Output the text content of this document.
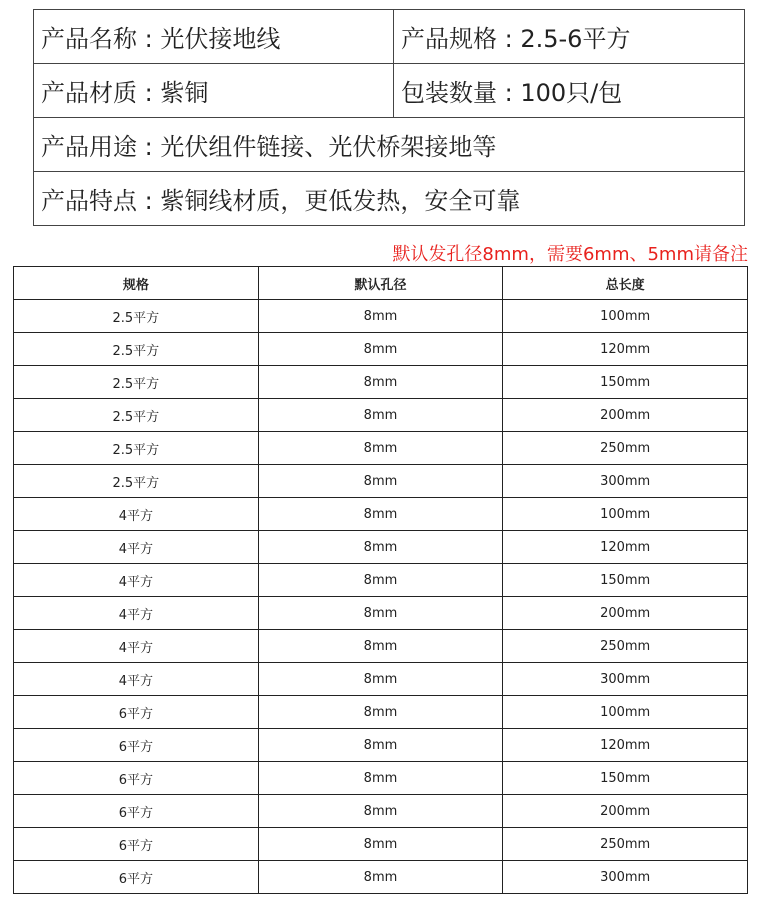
产品名称 : 光伏接地线	产品规格 : 2.5-6平方
产品材质 : 紫铜	包装数量 : 100只/包
产品用途 : 光伏组件链接、光伏桥架接地等	
产品特点 : 紫铜线材质，更低发热，安全可靠	
默认发孔径8mm，需要6mm、5mm请备注
规格	默认孔径	总长度
2.5平方	8mm	100mm
2.5平方	8mm	120mm
2.5平方	8mm	150mm
2.5平方	8mm	200mm
2.5平方	8mm	250mm
2.5平方	8mm	300mm
4平方	8mm	100mm
4平方	8mm	120mm
4平方	8mm	150mm
4平方	8mm	200mm
4平方	8mm	250mm
4平方	8mm	300mm
6平方	8mm	100mm
6平方	8mm	120mm
6平方	8mm	150mm
6平方	8mm	200mm
6平方	8mm	250mm
6平方	8mm	300mm
